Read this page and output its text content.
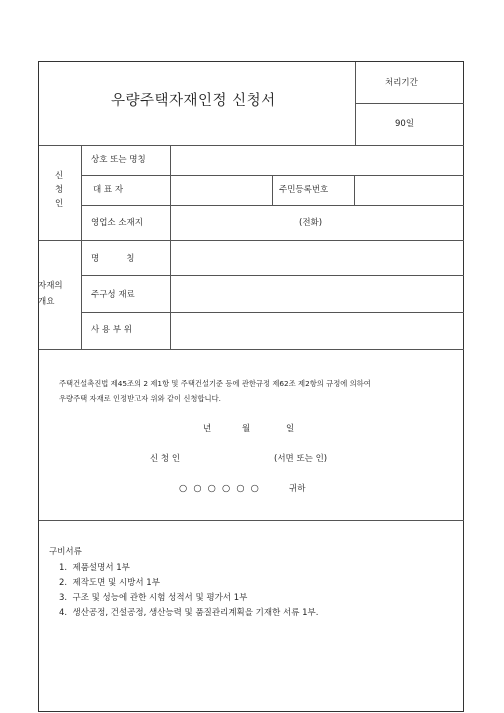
우량주택자재인정 신청서
처리기간
90일
신
청
인
상호 또는 명칭
대 표 자	주민등록번호
영업소 소재지	(전화)
자재의
개요
명          칭
주구성 재료
사 용 부 위
주택건설촉진법 제45조의 2 제1항 및 주택건설기준 등에 관한규정 제62조 제2항의 규정에 의하여
우량주택 자재로 인정받고자 위와 같이 신청합니다.
년	월	일
신 청 인	(서면 또는 인)
○  ○  ○  ○  ○  ○	귀하
구비서류
1.  제품설명서 1부
2.  제작도면 및 시방서 1부
3.  구조 및 성능에 관한 시험 성적서 및 평가서 1부
4.  생산공정, 건설공정, 생산능력 및 품질관리계획을 기재한 서류 1부.
